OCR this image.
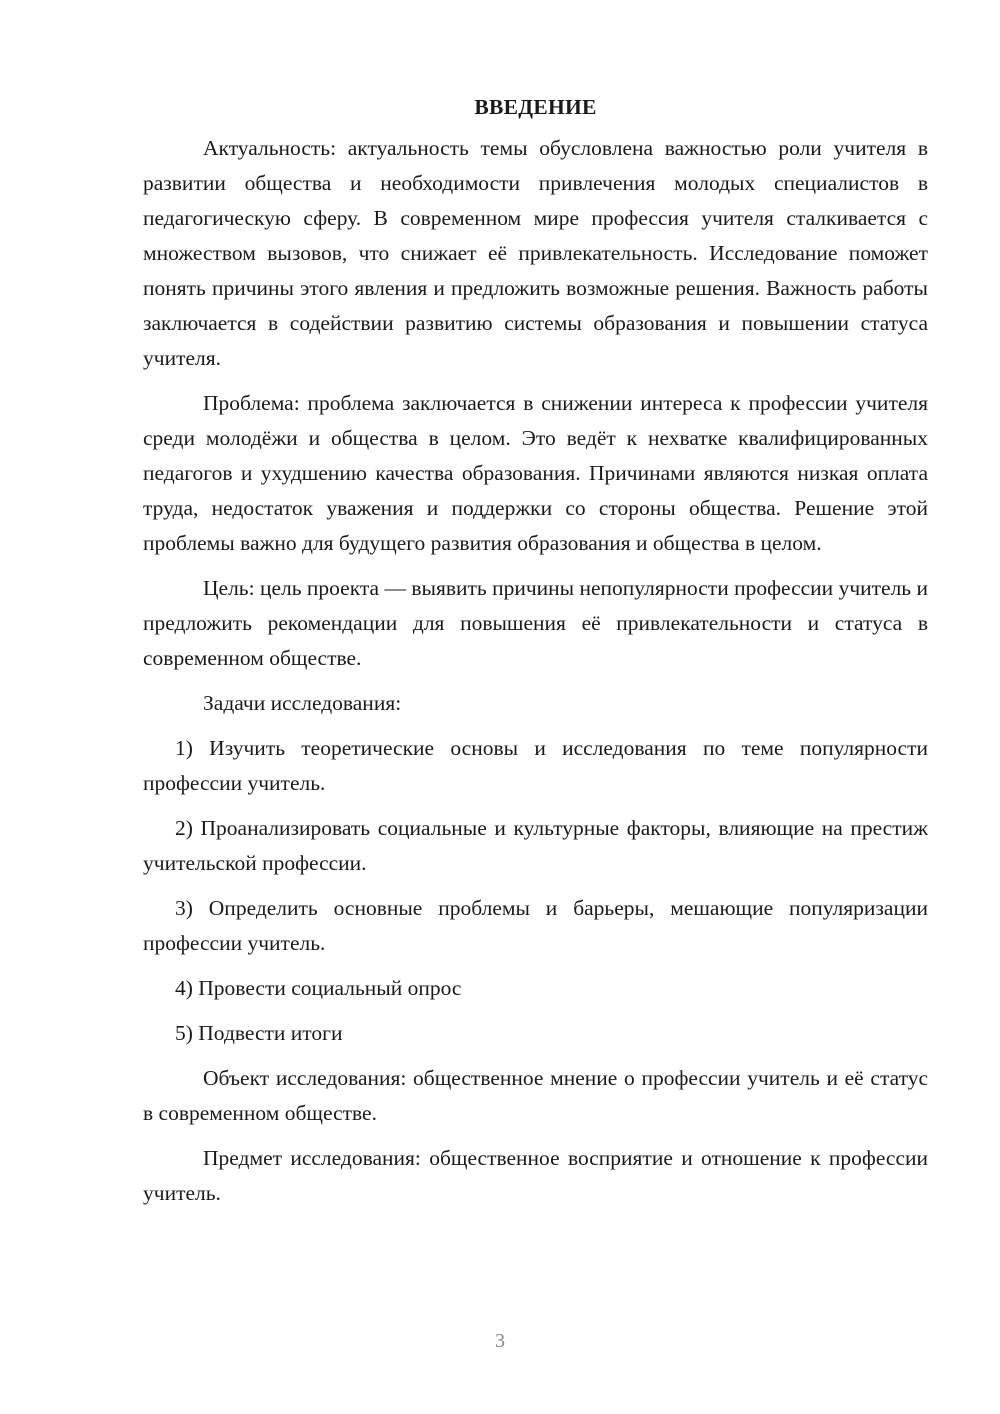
ВВЕДЕНИЕ

Актуальность: актуальность темы обусловлена важностью роли учителя в развитии общества и необходимости привлечения молодых специалистов в педагогическую сферу. В современном мире профессия учителя сталкивается с множеством вызовов, что снижает её привлекательность. Исследование поможет понять причины этого явления и предложить возможные решения. Важность работы заключается в содействии развитию системы образования и повышении статуса учителя.

Проблема: проблема заключается в снижении интереса к профессии учителя среди молодёжи и общества в целом. Это ведёт к нехватке квалифицированных педагогов и ухудшению качества образования. Причинами являются низкая оплата труда, недостаток уважения и поддержки со стороны общества. Решение этой проблемы важно для будущего развития образования и общества в целом.

Цель: цель проекта — выявить причины непопулярности профессии учитель и предложить рекомендации для повышения её привлекательности и статуса в современном обществе.

Задачи исследования:

1) Изучить теоретические основы и исследования по теме популярности профессии учитель.

2) Проанализировать социальные и культурные факторы, влияющие на престиж учительской профессии.

3) Определить основные проблемы и барьеры, мешающие популяризации профессии учитель.

4) Провести социальный опрос

5) Подвести итоги

Объект исследования: общественное мнение о профессии учитель и её статус в современном обществе.

Предмет исследования: общественное восприятие и отношение к профессии учитель.

3
